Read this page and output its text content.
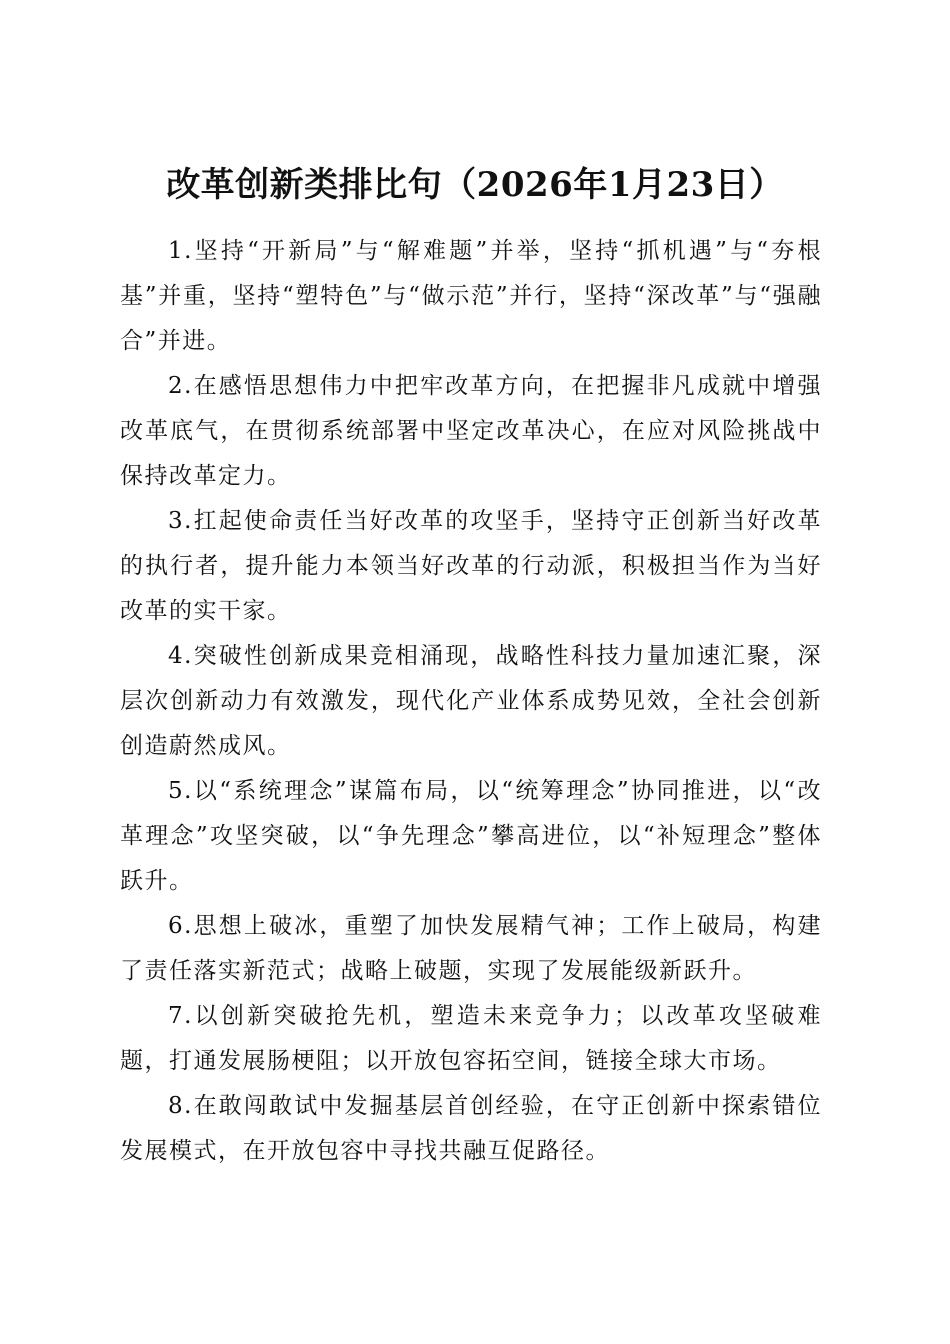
改革创新类排比句（2026年1月23日）

1.坚持“开新局”与“解难题”并举，坚持“抓机遇”与“夯根基”并重，坚持“塑特色”与“做示范”并行，坚持“深改革”与“强融合”并进。

2.在感悟思想伟力中把牢改革方向，在把握非凡成就中增强改革底气，在贯彻系统部署中坚定改革决心，在应对风险挑战中保持改革定力。

3.扛起使命责任当好改革的攻坚手，坚持守正创新当好改革的执行者，提升能力本领当好改革的行动派，积极担当作为当好改革的实干家。

4.突破性创新成果竞相涌现，战略性科技力量加速汇聚，深层次创新动力有效激发，现代化产业体系成势见效，全社会创新创造蔚然成风。

5.以“系统理念”谋篇布局，以“统筹理念”协同推进，以“改革理念”攻坚突破，以“争先理念”攀高进位，以“补短理念”整体跃升。

6.思想上破冰，重塑了加快发展精气神；工作上破局，构建了责任落实新范式；战略上破题，实现了发展能级新跃升。

7.以创新突破抢先机，塑造未来竞争力；以改革攻坚破难题，打通发展肠梗阻；以开放包容拓空间，链接全球大市场。

8.在敢闯敢试中发掘基层首创经验，在守正创新中探索错位发展模式，在开放包容中寻找共融互促路径。
